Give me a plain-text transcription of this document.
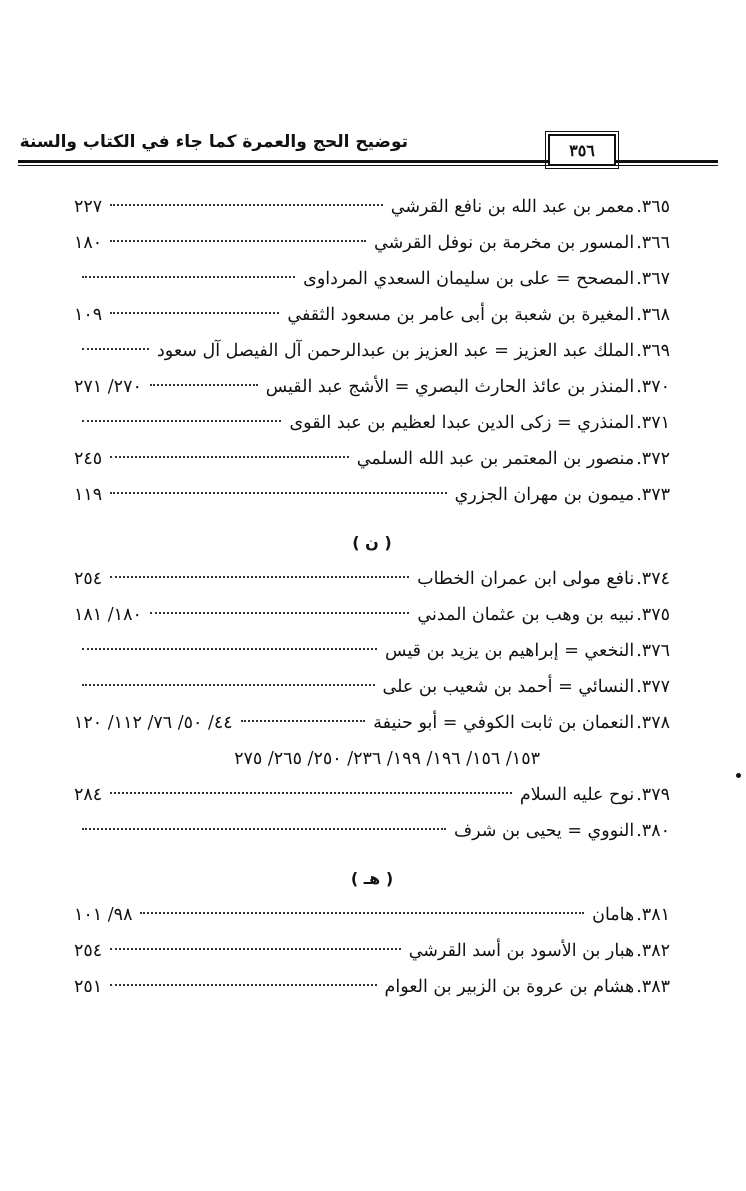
توضيح الحج والعمرة كما جاء في الكتاب والسنة	٣٥٦
٣٦٥.
معمر بن عبد الله بن نافع القرشي
٢٢٧
٣٦٦.
المسور بن مخرمة بن نوفل القرشي
١٨٠
٣٦٧.
المصحح = على بن سليمان السعدي المرداوى
٣٦٨.
المغيرة بن شعبة بن أبى عامر بن مسعود الثقفي
١٠٩
٣٦٩.
الملك عبد العزيز = عبد العزيز بن عبدالرحمن آل الفيصل آل سعود
٣٧٠.
المنذر بن عائذ الحارث البصري = الأشج عبد القيس
٢٧٠/ ٢٧١
٣٧١.
المنذري = زكى الدين عبدا لعظيم بن عبد القوى
٣٧٢.
منصور بن المعتمر بن عبد الله السلمي
٢٤٥
٣٧٣.
ميمون بن مهران الجزري
١١٩
( ن )
٣٧٤.
نافع مولى ابن عمران الخطاب
٢٥٤
٣٧٥.
نبيه بن وهب بن عثمان المدني
١٨٠/ ١٨١
٣٧٦.
النخعي = إبراهيم بن يزيد بن قيس
٣٧٧.
النسائي = أحمد بن شعيب بن على
٣٧٨.
النعمان بن ثابت الكوفي = أبو حنيفة
٤٤/ ٥٠/ ٧٦/ ١١٢/ ١٢٠
١٥٣/ ١٥٦/ ١٩٦/ ١٩٩/ ٢٣٦/ ٢٥٠/ ٢٦٥/ ٢٧٥
٣٧٩.
نوح عليه السلام
٢٨٤
٣٨٠.
النووي = يحيى بن شرف
( هـ )
٣٨١.
هامان
٩٨/ ١٠١
٣٨٢.
هبار بن الأسود بن أسد القرشي
٢٥٤
٣٨٣.
هشام بن عروة بن الزبير بن العوام
٢٥١
